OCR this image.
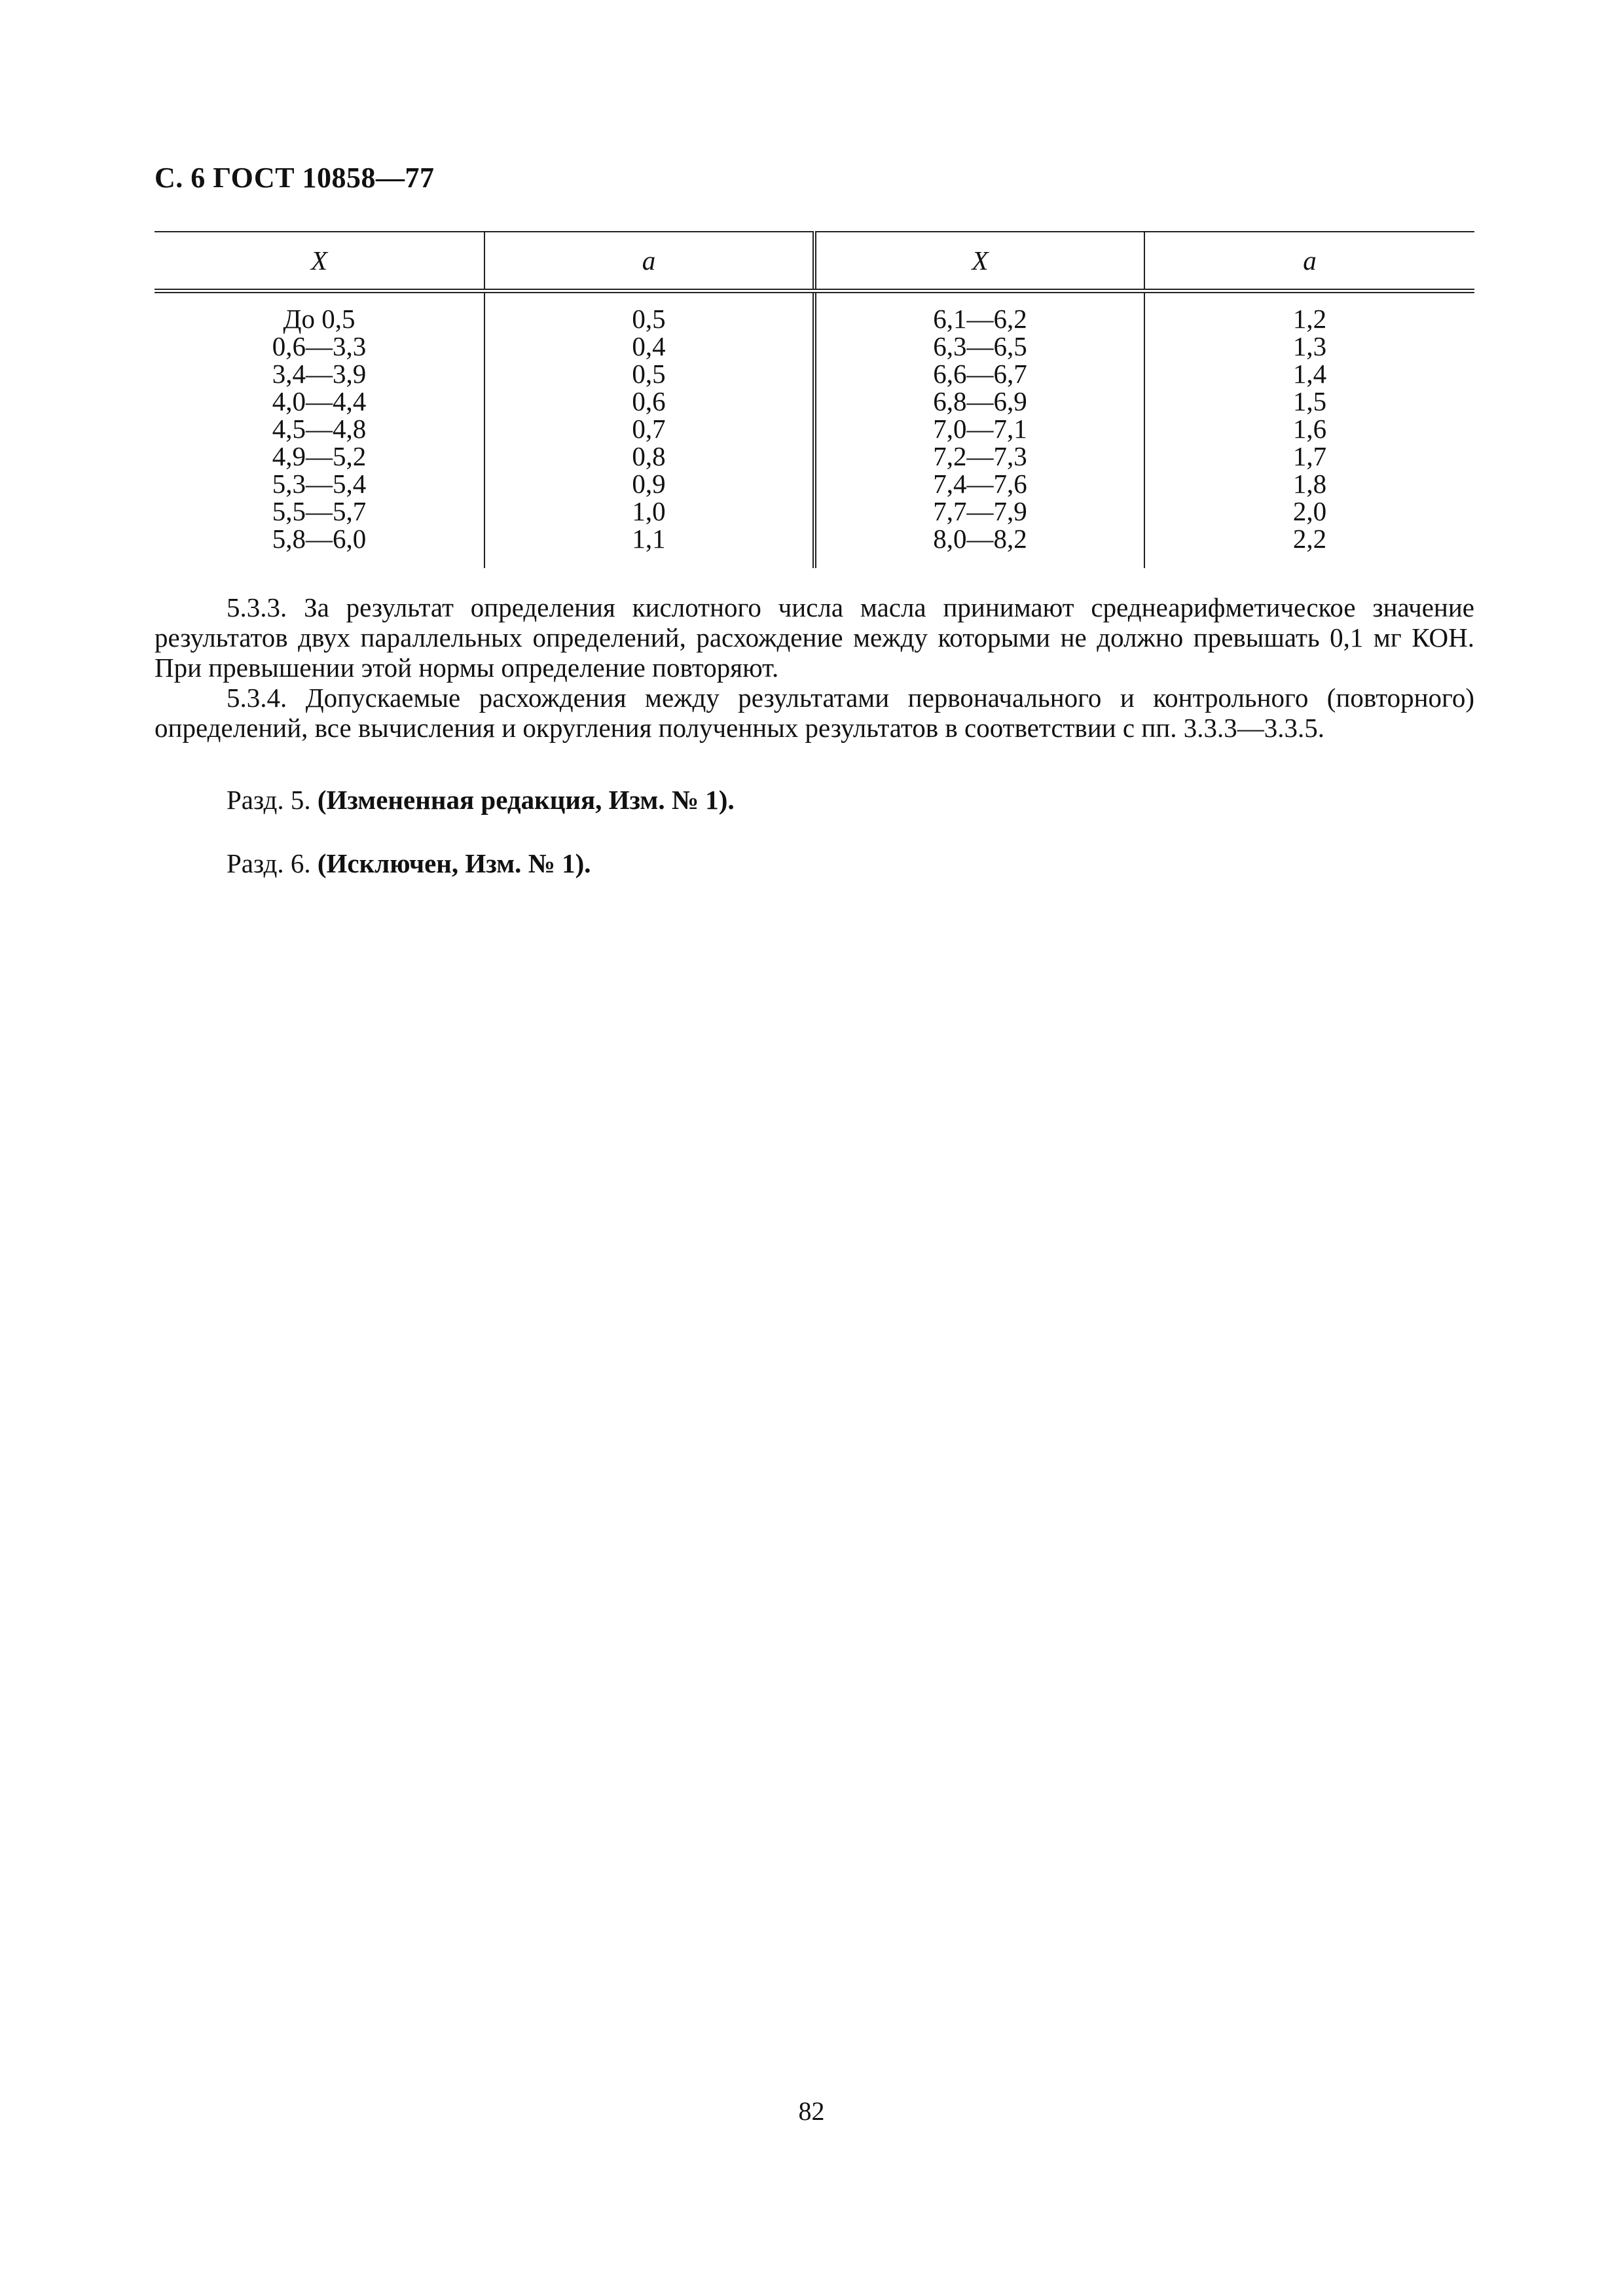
С. 6 ГОСТ 10858—77
X	a	X	a
До 0,5	0,5	6,1—6,2	1,2
0,6—3,3	0,4	6,3—6,5	1,3
3,4—3,9	0,5	6,6—6,7	1,4
4,0—4,4	0,6	6,8—6,9	1,5
4,5—4,8	0,7	7,0—7,1	1,6
4,9—5,2	0,8	7,2—7,3	1,7
5,3—5,4	0,9	7,4—7,6	1,8
5,5—5,7	1,0	7,7—7,9	2,0
5,8—6,0	1,1	8,0—8,2	2,2

5.3.3. За результат определения кислотного числа масла принимают среднеарифметическое значение результатов двух параллельных определений, расхождение между которыми не должно превышать 0,1 мг КОН. При превышении этой нормы определение повторяют.

5.3.4. Допускаемые расхождения между результатами первоначального и контрольного (повторного) определений, все вычисления и округления полученных результатов в соответствии с пп. 3.3.3—3.3.5.

Разд. 5. (Измененная редакция, Изм. № 1).
Разд. 6. (Исключен, Изм. № 1).
82
